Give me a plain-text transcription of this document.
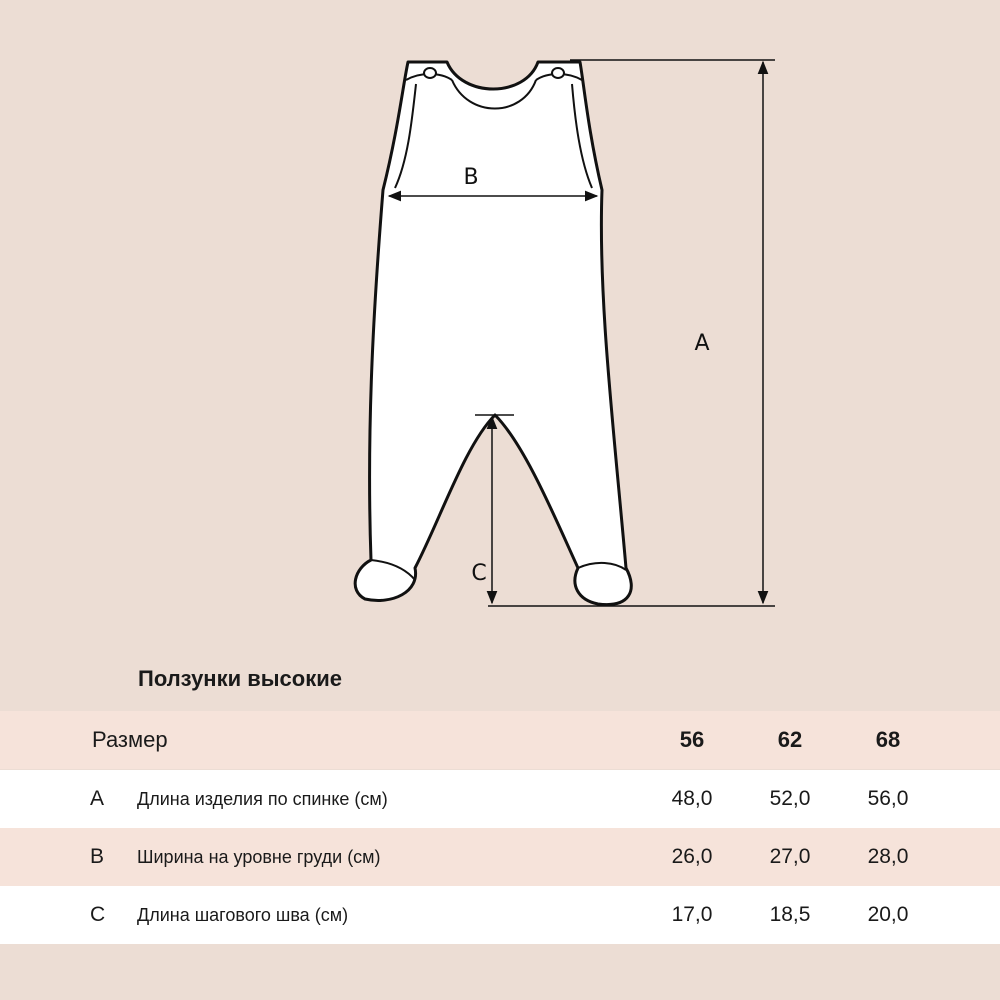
A
B
C
Ползунки высокие
Размер	56	62	68
A Длина изделия по спинке (см)	48,0	52,0	56,0
B Ширина на уровне груди (см)	26,0	27,0	28,0
C Длина шагового шва (см)	17,0	18,5	20,0
